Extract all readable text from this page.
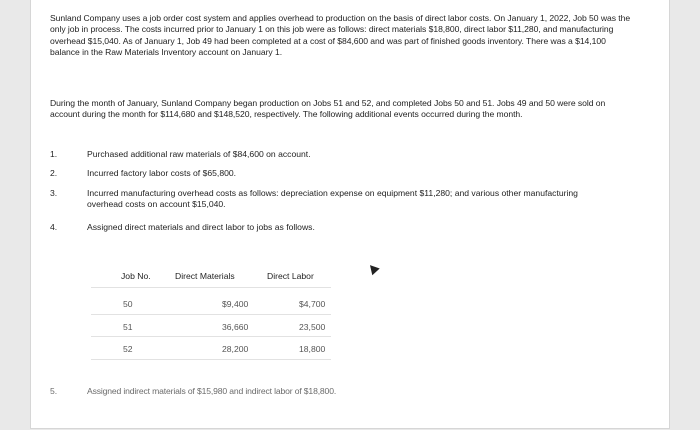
Sunland Company uses a job order cost system and applies overhead to production on the basis of direct labor costs. On January 1, 2022, Job 50 was the only job in process. The costs incurred prior to January 1 on this job were as follows: direct materials $18,800, direct labor $11,280, and manufacturing overhead $15,040. As of January 1, Job 49 had been completed at a cost of $84,600 and was part of finished goods inventory. There was a $14,100 balance in the Raw Materials Inventory account on January 1.
During the month of January, Sunland Company began production on Jobs 51 and 52, and completed Jobs 50 and 51. Jobs 49 and 50 were sold on account during the month for $114,680 and $148,520, respectively. The following additional events occurred during the month.
1.	Purchased additional raw materials of $84,600 on account.
2.	Incurred factory labor costs of $65,800.
3.	Incurred manufacturing overhead costs as follows: depreciation expense on equipment $11,280; and various other manufacturing overhead costs on account $15,040.
4.	Assigned direct materials and direct labor to jobs as follows.
Job No.	Direct Materials	Direct Labor
50	$9,400	$4,700
51	36,660	23,500
52	28,200	18,800
5.	Assigned indirect materials of $15,980 and indirect labor of $18,800.
